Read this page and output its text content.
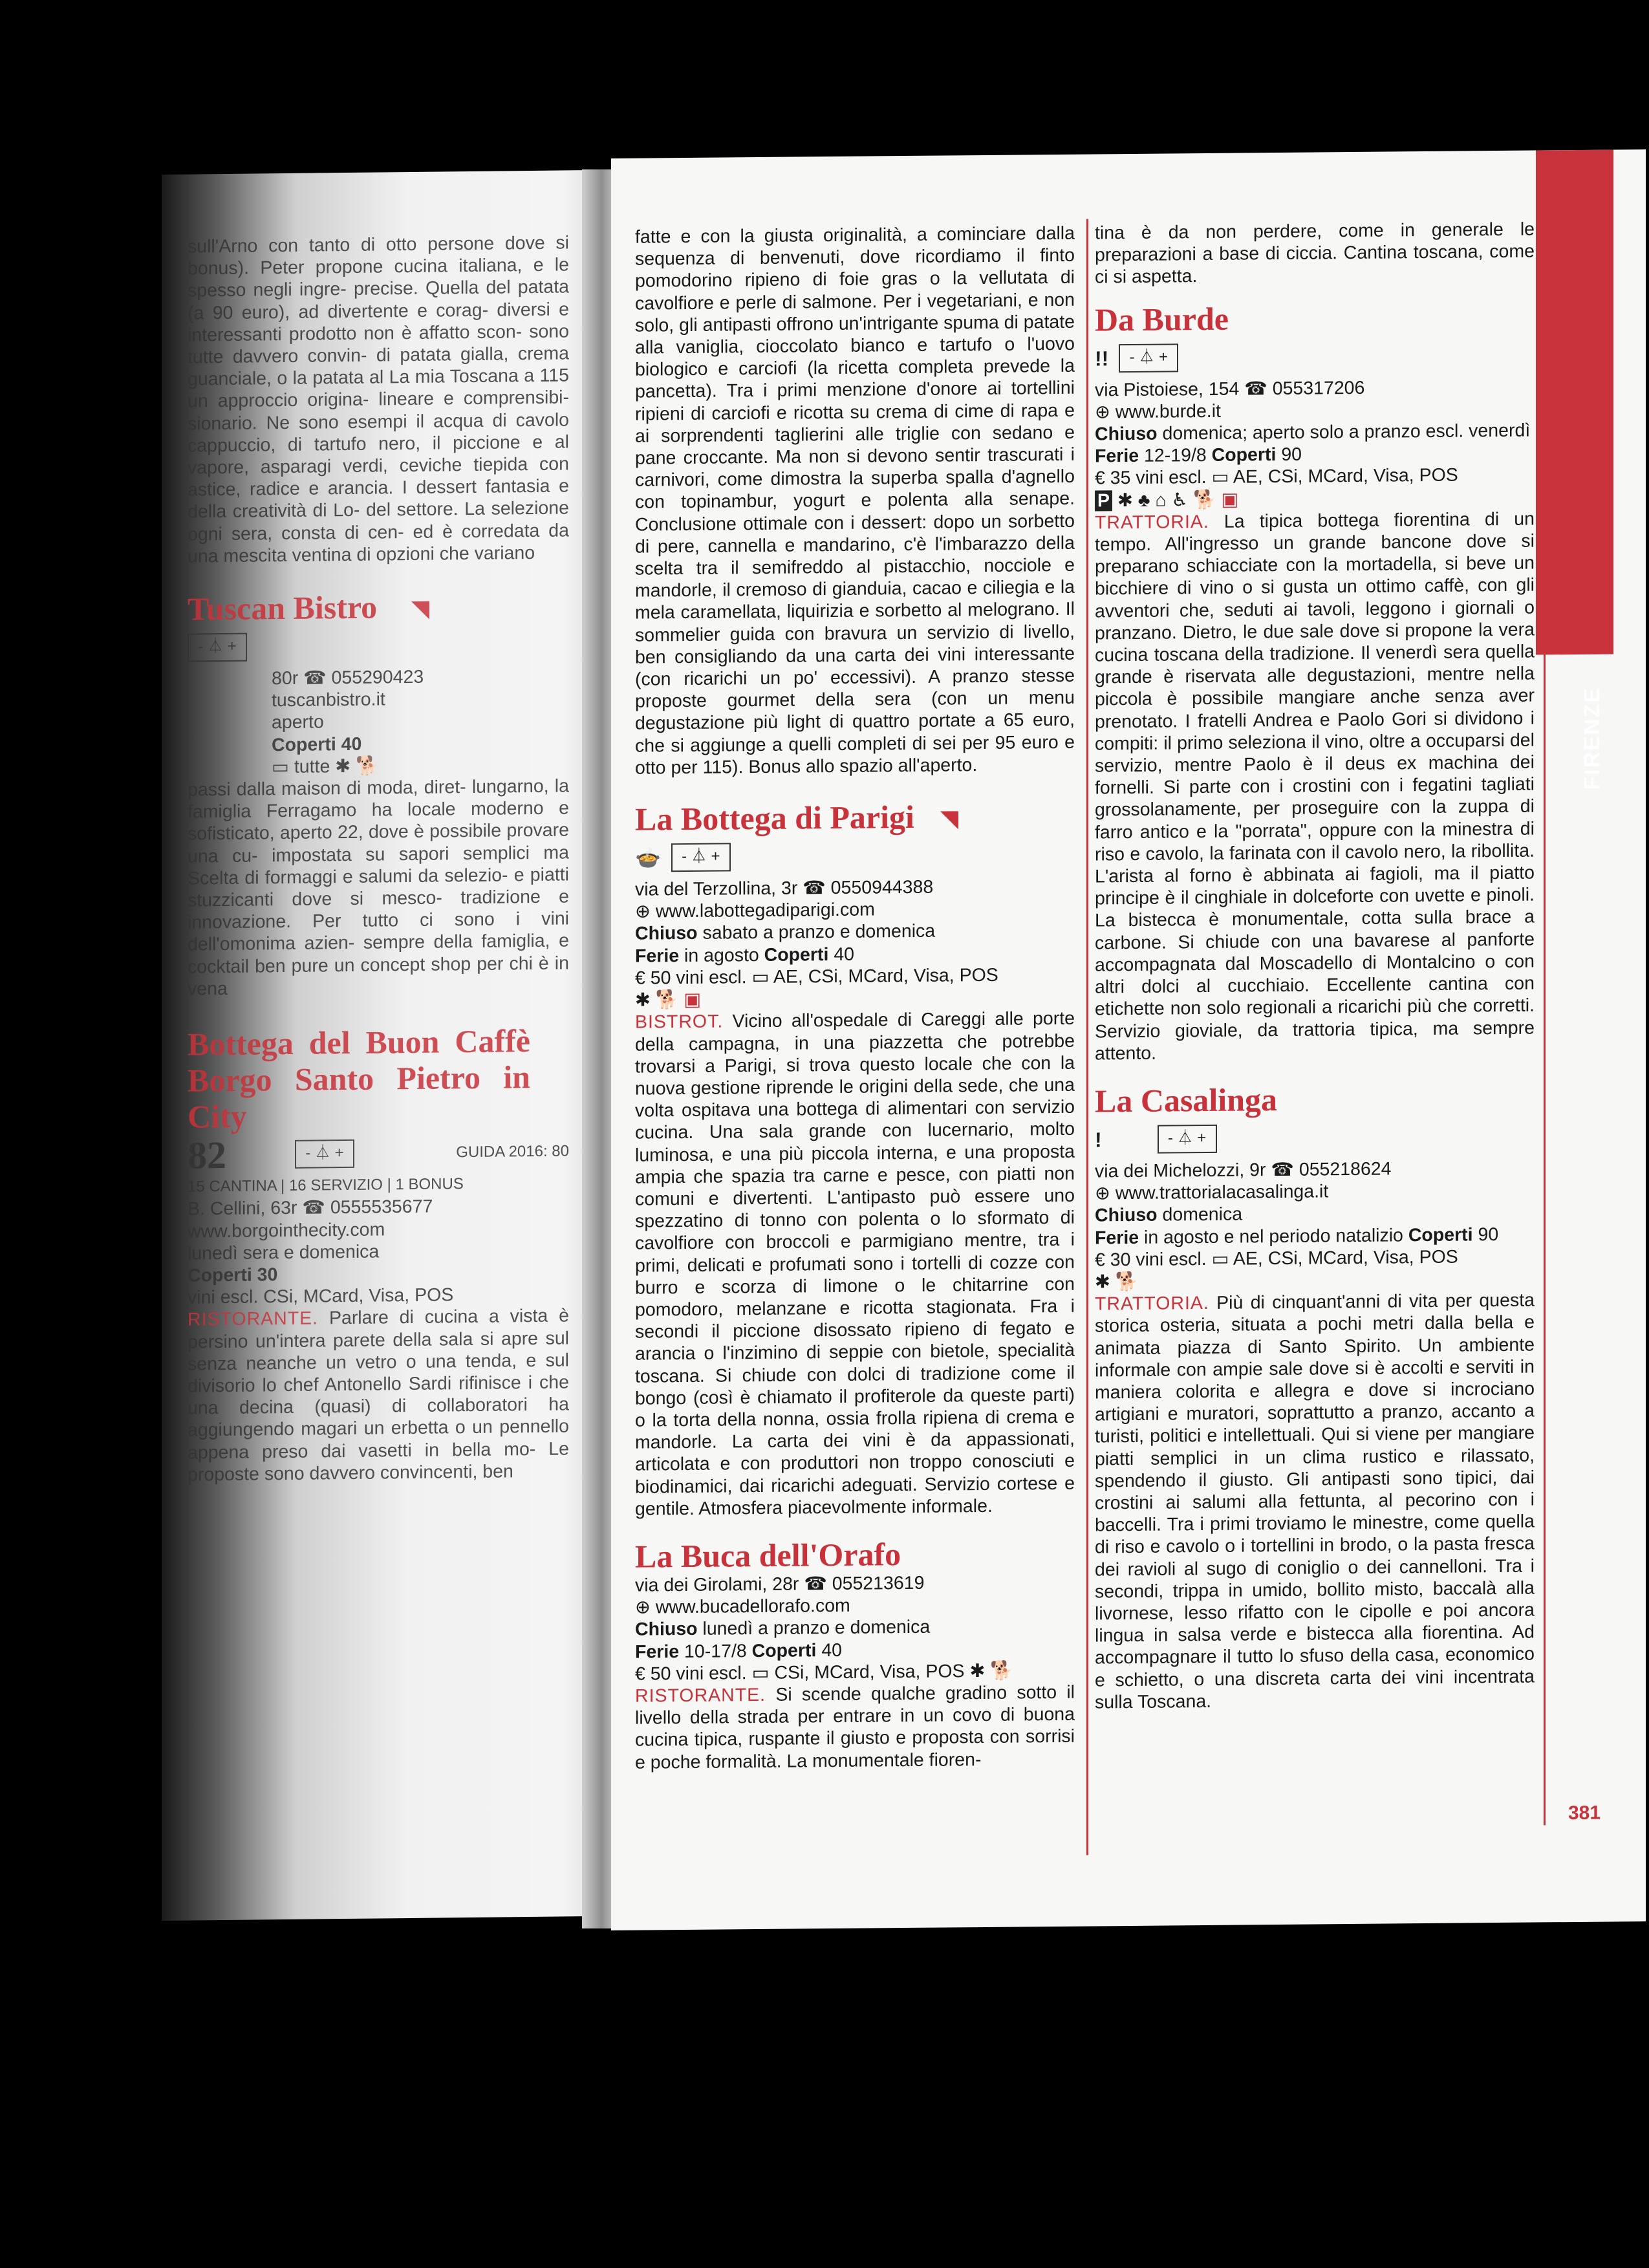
sull'Arno con tanto di otto persone dove si bonus). Peter propone cucina italiana, e le spesso negli ingre- precise. Quella del patata (a 90 euro), ad divertente e corag- diversi e interessanti prodotto non è affatto scon- sono tutte davvero convin- di patata gialla, crema guanciale, o la patata al La mia Toscana a 115 un approccio origina- lineare e comprensibi- sionario. Ne sono esempi il acqua di cavolo cappuccio, di tartufo nero, il piccione e al vapore, asparagi verdi, ceviche tiepida con astice, radice e arancia. I dessert fantasia e della creatività di Lo- del settore. La selezione ogni sera, consta di cen- ed è corredata da una mescita ventina di opzioni che variano

Tuscan Bistro

- ⏃ +

80r ☎ 055290423

tuscanbistro.it

aperto

Coperti 40

▭ tutte ✱ 🐕

passi dalla maison di moda, diret- lungarno, la famiglia Ferragamo ha locale moderno e sofisticato, aperto 22, dove è possibile provare una cu- impostata su sapori semplici ma Scelta di formaggi e salumi da selezio- e piatti stuzzicanti dove si mesco- tradizione e innovazione. Per tutto ci sono i vini dell'omonima azien- sempre della famiglia, e cocktail ben pure un concept shop per chi è in vena

Bottega del Buon Caffè Borgo Santo Pietro in City

82	- ⏃ +	GUIDA 2016: 80

15 CANTINA | 16 SERVIZIO | 1 BONUS

B. Cellini, 63r ☎ 0555535677

www.borgointhecity.com

lunedì sera e domenica

Coperti 30

vini escl. CSi, MCard, Visa, POS

RISTORANTE. Parlare di cucina a vista è persino un'intera parete della sala si apre sul senza neanche un vetro o una tenda, e sul divisorio lo chef Antonello Sardi rifinisce i che una decina (quasi) di collaboratori ha aggiungendo magari un erbetta o un pennello appena preso dai vasetti in bella mo- Le proposte sono davvero convincenti, ben

fatte e con la giusta originalità, a cominciare dalla sequenza di benvenuti, dove ricordiamo il finto pomodorino ripieno di foie gras o la vellutata di cavolfiore e perle di salmone. Per i vegetariani, e non solo, gli antipasti offrono un'intrigante spuma di patate alla vaniglia, cioccolato bianco e tartufo o l'uovo biologico e carciofi (la ricetta completa prevede la pancetta). Tra i primi menzione d'onore ai tortellini ripieni di carciofi e ricotta su crema di cime di rapa e ai sorprendenti taglierini alle triglie con sedano e pane croccante. Ma non si devono sentir trascurati i carnivori, come dimostra la superba spalla d'agnello con topinambur, yogurt e polenta alla senape. Conclusione ottimale con i dessert: dopo un sorbetto di pere, cannella e mandarino, c'è l'imbarazzo della scelta tra il semifreddo al pistacchio, nocciole e mandorle, il cremoso di gianduia, cacao e ciliegia e la mela caramellata, liquirizia e sorbetto al melograno. Il sommelier guida con bravura un servizio di livello, ben consigliando da una carta dei vini interessante (con ricarichi un po' eccessivi). A pranzo stesse proposte gourmet della sera (con un menu degustazione più light di quattro portate a 65 euro, che si aggiunge a quelli completi di sei per 95 euro e otto per 115). Bonus allo spazio all'aperto.

La Bottega di Parigi

🍲	- ⏃ +

via del Terzollina, 3r ☎ 0550944388

⊕ www.labottegadiparigi.com

Chiuso sabato a pranzo e domenica

Ferie in agosto Coperti 40

€ 50 vini escl. ▭ AE, CSi, MCard, Visa, POS

✱ 🐕 ▣

BISTROT. Vicino all'ospedale di Careggi alle porte della campagna, in una piazzetta che potrebbe trovarsi a Parigi, si trova questo locale che con la nuova gestione riprende le origini della sede, che una volta ospitava una bottega di alimentari con servizio cucina. Una sala grande con lucernario, molto luminosa, e una più piccola interna, e una proposta ampia che spazia tra carne e pesce, con piatti non comuni e divertenti. L'antipasto può essere uno spezzatino di tonno con polenta o lo sformato di cavolfiore con broccoli e parmigiano mentre, tra i primi, delicati e profumati sono i tortelli di cozze con burro e scorza di limone o le chitarrine con pomodoro, melanzane e ricotta stagionata. Fra i secondi il piccione disossato ripieno di fegato e arancia o l'inzimino di seppie con bietole, specialità toscana. Si chiude con dolci di tradizione come il bongo (così è chiamato il profiterole da queste parti) o la torta della nonna, ossia frolla ripiena di crema e mandorle. La carta dei vini è da appassionati, articolata e con produttori non troppo conosciuti e biodinamici, dai ricarichi adeguati. Servizio cortese e gentile. Atmosfera piacevolmente informale.

La Buca dell'Orafo

via dei Girolami, 28r ☎ 055213619

⊕ www.bucadellorafo.com

Chiuso lunedì a pranzo e domenica

Ferie 10-17/8 Coperti 40

€ 50 vini escl. ▭ CSi, MCard, Visa, POS ✱ 🐕

RISTORANTE. Si scende qualche gradino sotto il livello della strada per entrare in un covo di buona cucina tipica, ruspante il giusto e proposta con sorrisi e poche formalità. La monumentale fioren-

tina è da non perdere, come in generale le preparazioni a base di ciccia. Cantina toscana, come ci si aspetta.

Da Burde

ǃǃ	- ⏃ +

via Pistoiese, 154 ☎ 055317206

⊕ www.burde.it

Chiuso domenica; aperto solo a pranzo escl. venerdì

Ferie 12-19/8 Coperti 90

€ 35 vini escl. ▭ AE, CSi, MCard, Visa, POS

P ✱ ♣ ⌂ ♿ 🐕 ▣

TRATTORIA. La tipica bottega fiorentina di un tempo. All'ingresso un grande bancone dove si preparano schiacciate con la mortadella, si beve un bicchiere di vino o si gusta un ottimo caffè, con gli avventori che, seduti ai tavoli, leggono i giornali o pranzano. Dietro, le due sale dove si propone la vera cucina toscana della tradizione. Il venerdì sera quella grande è riservata alle degustazioni, mentre nella piccola è possibile mangiare anche senza aver prenotato. I fratelli Andrea e Paolo Gori si dividono i compiti: il primo seleziona il vino, oltre a occuparsi del servizio, mentre Paolo è il deus ex machina dei fornelli. Si parte con i crostini con i fegatini tagliati grossolanamente, per proseguire con la zuppa di farro antico e la "porrata", oppure con la minestra di riso e cavolo, la farinata con il cavolo nero, la ribollita. L'arista al forno è abbinata ai fagioli, ma il piatto principe è il cinghiale in dolceforte con uvette e pinoli. La bistecca è monumentale, cotta sulla brace a carbone. Si chiude con una bavarese al panforte accompagnata dal Moscadello di Montalcino o con altri dolci al cucchiaio. Eccellente cantina con etichette non solo regionali a ricarichi più che corretti. Servizio gioviale, da trattoria tipica, ma sempre attento.

La Casalinga

ǃ	- ⏃ +

via dei Michelozzi, 9r ☎ 055218624

⊕ www.trattorialacasalinga.it

Chiuso domenica

Ferie in agosto e nel periodo natalizio Coperti 90

€ 30 vini escl. ▭ AE, CSi, MCard, Visa, POS

✱ 🐕

TRATTORIA. Più di cinquant'anni di vita per questa storica osteria, situata a pochi metri dalla bella e animata piazza di Santo Spirito. Un ambiente informale con ampie sale dove si è accolti e serviti in maniera colorita e allegra e dove si incrociano artigiani e muratori, soprattutto a pranzo, accanto a turisti, politici e intellettuali. Qui si viene per mangiare piatti semplici in un clima rustico e rilassato, spendendo il giusto. Gli antipasti sono tipici, dai crostini ai salumi alla fettunta, al pecorino con i baccelli. Tra i primi troviamo le minestre, come quella di riso e cavolo o i tortellini in brodo, o la pasta fresca dei ravioli al sugo di coniglio o dei cannelloni. Tra i secondi, trippa in umido, bollito misto, baccalà alla livornese, lesso rifatto con le cipolle e poi ancora lingua in salsa verde e bistecca alla fiorentina. Ad accompagnare il tutto lo sfuso della casa, economico e schietto, o una discreta carta dei vini incentrata sulla Toscana.

FIRENZE
381
